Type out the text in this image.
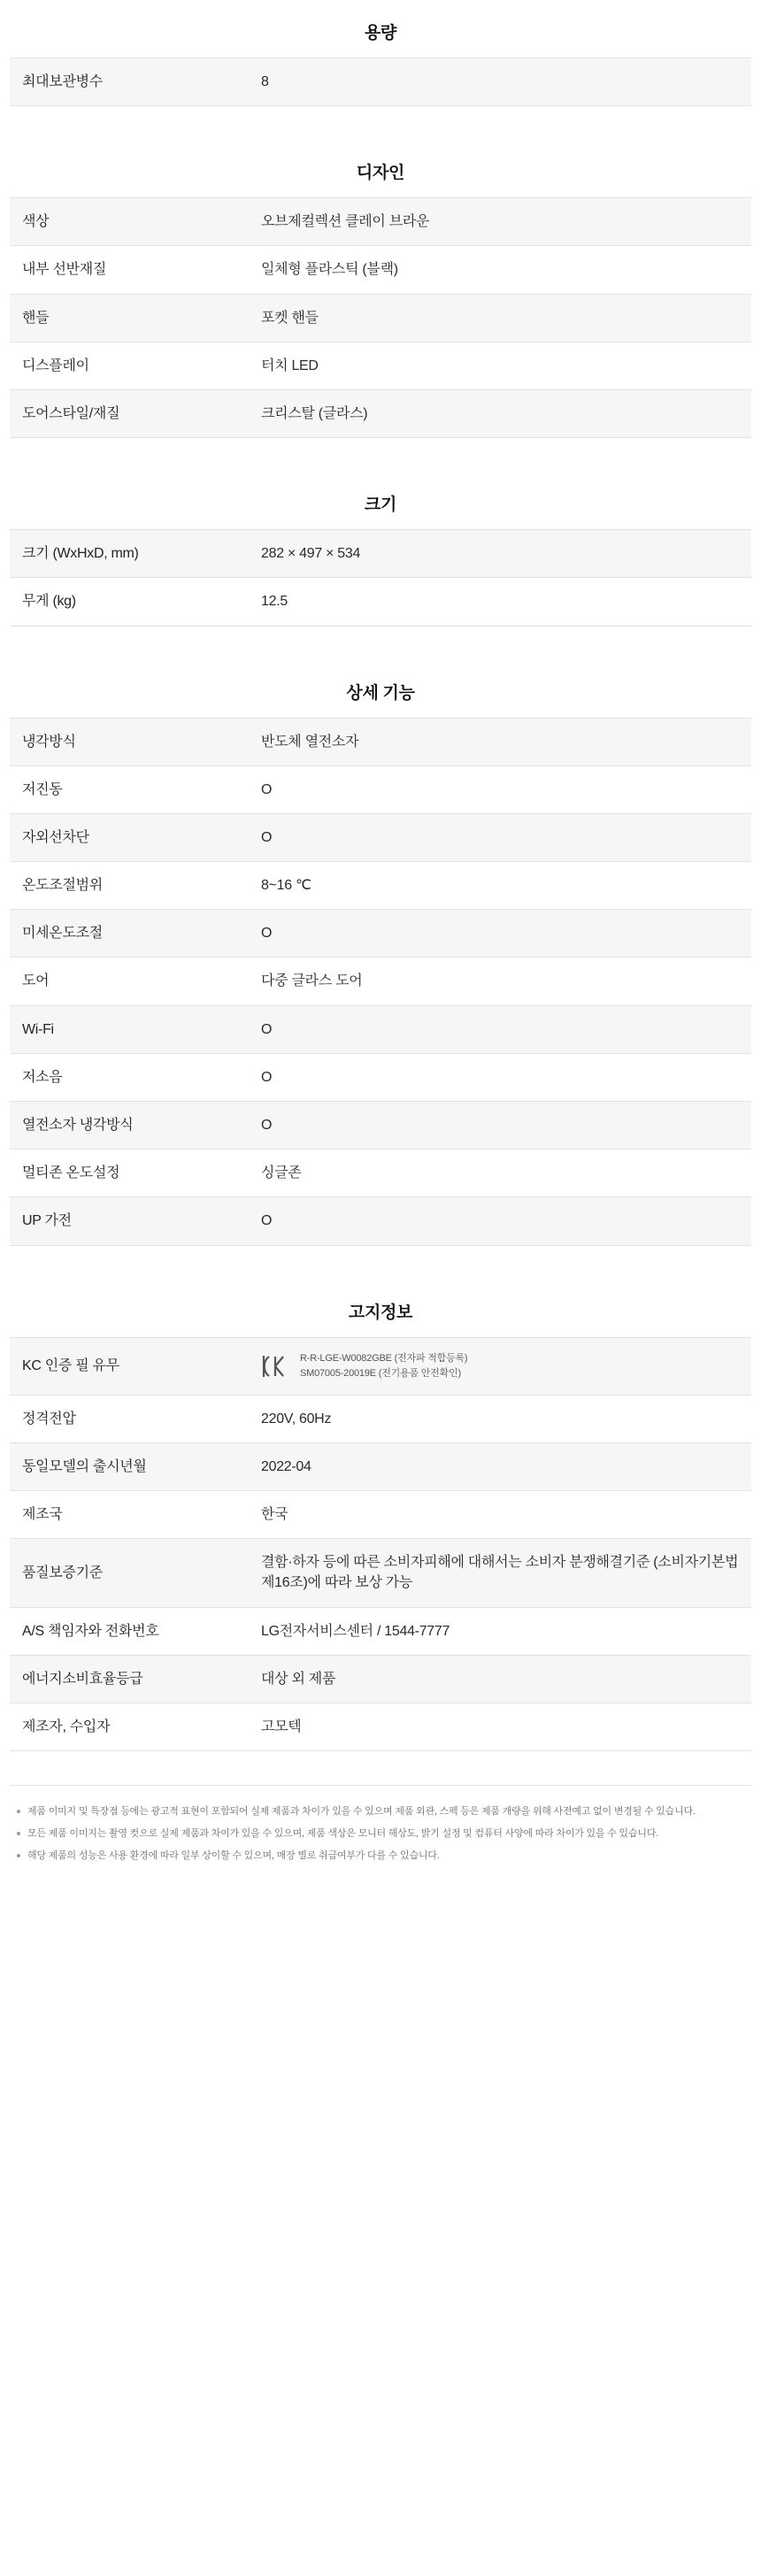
용량
최대보관병수	8
디자인
색상	오브제컬렉션 클레이 브라운
내부 선반재질	일체형 플라스틱 (블랙)
핸들	포켓 핸들
디스플레이	터치 LED
도어스타일/재질	크리스탈 (글라스)
크기
크기 (WxHxD, mm)	282 × 497 × 534
무게 (kg)	12.5
상세 기능
냉각방식	반도체 열전소자
저진동	O
자외선차단	O
온도조절범위	8~16 ℃
미세온도조절	O
도어	다중 글라스 도어
Wi-Fi	O
저소음	O
열전소자 냉각방식	O
멀티존 온도설정	싱글존
UP 가전	O
고지정보
KC 인증 필 유무	R-R-LGE-W0082GBE (전자파 적합등록)
SM07005-20019E (전기용품 안전확인)

정격전압	220V, 60Hz
동일모델의 출시년월	2022-04
제조국	한국
품질보증기준	결함·하자 등에 따른 소비자피해에 대해서는 소비자 분쟁해결기준 (소비자기본법 제16조)에 따라 보상 가능
A/S 책임자와 전화번호	LG전자서비스센터 / 1544-7777
에너지소비효율등급	대상 외 제품
제조자, 수입자	고모텍
제품 이미지 및 특장점 등에는 광고적 표현이 포함되어 실제 제품과 차이가 있을 수 있으며 제품 외관, 스펙 등은 제품 개량을 위해 사전예고 없이 변경될 수 있습니다.
모든 제품 이미지는 촬영 컷으로 실제 제품과 차이가 있을 수 있으며, 제품 색상은 모니터 해상도, 밝기 설정 및 컴퓨터 사양에 따라 차이가 있을 수 있습니다.
해당 제품의 성능은 사용 환경에 따라 일부 상이할 수 있으며, 매장 별로 취급여부가 다를 수 있습니다.
